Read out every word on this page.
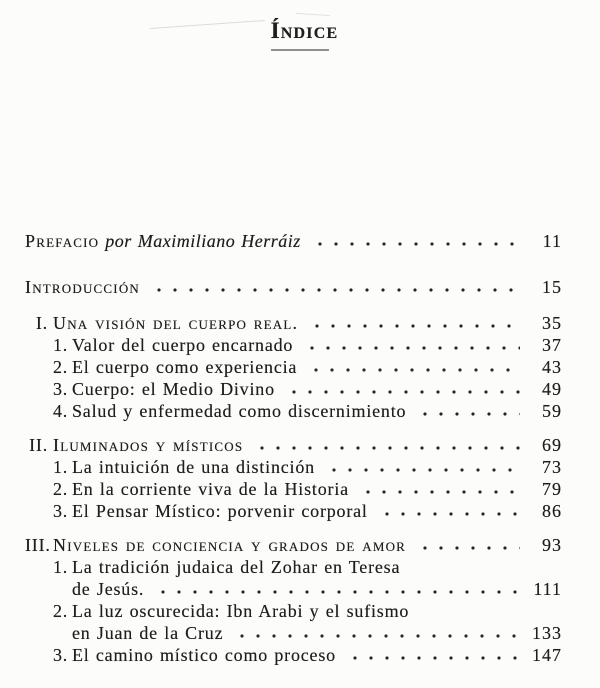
Índice
Prefacio por Maximiliano Herráiz	11
Introducción	15
I. Una visión del cuerpo real.	35
1. Valor del cuerpo encarnado	37
2. El cuerpo como experiencia	43
3. Cuerpo: el Medio Divino	49
4. Salud y enfermedad como discernimiento	59
II. Iluminados y místicos	69
1. La intuición de una distinción	73
2. En la corriente viva de la Historia	79
3. El Pensar Místico: porvenir corporal	86
III. Niveles de conciencia y grados de amor	93
1. La tradición judaica del Zohar en Teresa
de Jesús.	111
2. La luz oscurecida: Ibn Arabi y el sufismo
en Juan de la Cruz	133
3. El camino místico como proceso	147
